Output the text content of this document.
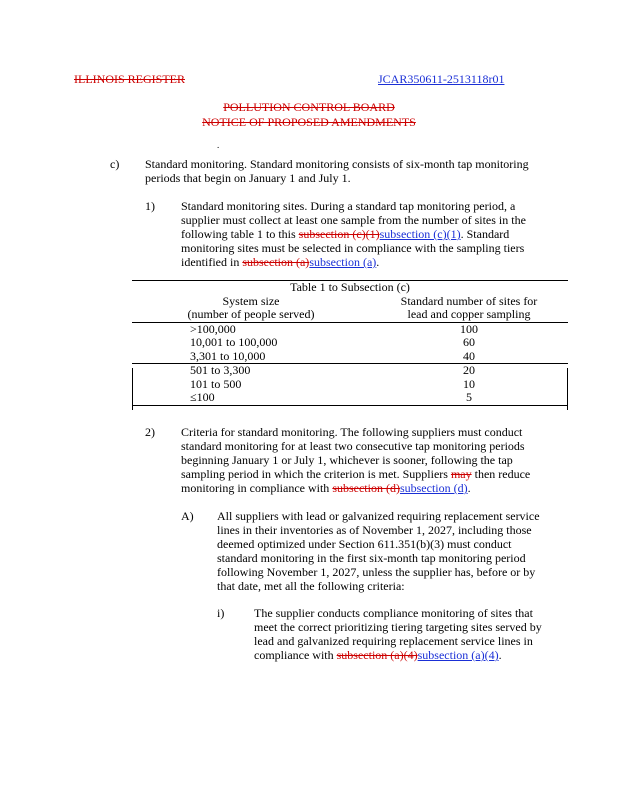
ILLINOIS REGISTER	JCAR350611-2513118r01
POLLUTION CONTROL BOARD
NOTICE OF PROPOSED AMENDMENTS
.
c) Standard monitoring. Standard monitoring consists of six-month tap monitoring
periods that begin on January 1 and July 1.
1) Standard monitoring sites. During a standard tap monitoring period, a
supplier must collect at least one sample from the number of sites in the
following table 1 to this subsection (c)(1)subsection (c)(1). Standard
monitoring sites must be selected in compliance with the sampling tiers
identified in subsection (a)subsection (a).
Table 1 to Subsection (c)	
System size	Standard number of sites for
(number of people served)	lead and copper sampling
>100,000	100
10,001 to 100,000	60
3,301 to 10,000	40
501 to 3,300	20
101 to 500	10
≤100	5
2) Criteria for standard monitoring. The following suppliers must conduct
standard monitoring for at least two consecutive tap monitoring periods
beginning January 1 or July 1, whichever is sooner, following the tap
sampling period in which the criterion is met. Suppliers may then reduce
monitoring in compliance with subsection (d)subsection (d).
A) All suppliers with lead or galvanized requiring replacement service
lines in their inventories as of November 1, 2027, including those
deemed optimized under Section 611.351(b)(3) must conduct
standard monitoring in the first six-month tap monitoring period
following November 1, 2027, unless the supplier has, before or by
that date, met all the following criteria:
i) The supplier conducts compliance monitoring of sites that
meet the correct prioritizing tiering targeting sites served by
lead and galvanized requiring replacement service lines in
compliance with subsection (a)(4)subsection (a)(4).
